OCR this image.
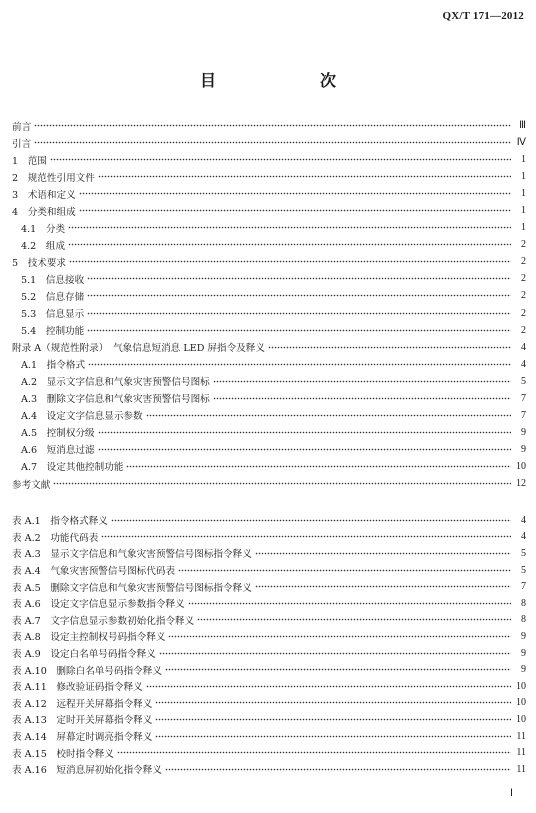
QX/T 171—2012
目　　次
前言	Ⅲ
引言	Ⅳ
1　范围	1
2　规范性引用文件	1
3　术语和定义	1
4　分类和组成	1
4.1　分类	1
4.2　组成	2
5　技术要求	2
5.1　信息接收	2
5.2　信息存储	2
5.3　信息显示	2
5.4　控制功能	2
附录 A（规范性附录）　气象信息短消息 LED 屏指令及释义	4
A.1　指令格式	4
A.2　显示文字信息和气象灾害预警信号图标	5
A.3　删除文字信息和气象灾害预警信号图标	7
A.4　设定文字信息显示参数	7
A.5　控制权分级	9
A.6　短消息过滤	9
A.7　设定其他控制功能	10
参考文献	12
表 A.1　指令格式释义	4
表 A.2　功能代码表	4
表 A.3　显示文字信息和气象灾害预警信号图标指令释义	5
表 A.4　气象灾害预警信号图标代码表	5
表 A.5　删除文字信息和气象灾害预警信号图标指令释义	7
表 A.6　设定文字信息显示参数指令释义	8
表 A.7　文字信息显示参数初始化指令释义	8
表 A.8　设定主控制权号码指令释义	9
表 A.9　设定白名单号码指令释义	9
表 A.10　删除白名单号码指令释义	9
表 A.11　修改验证码指令释义	10
表 A.12　远程开关屏幕指令释义	10
表 A.13　定时开关屏幕指令释义	10
表 A.14　屏幕定时调亮指令释义	11
表 A.15　校时指令释义	11
表 A.16　短消息屏初始化指令释义	11
Ⅰ
